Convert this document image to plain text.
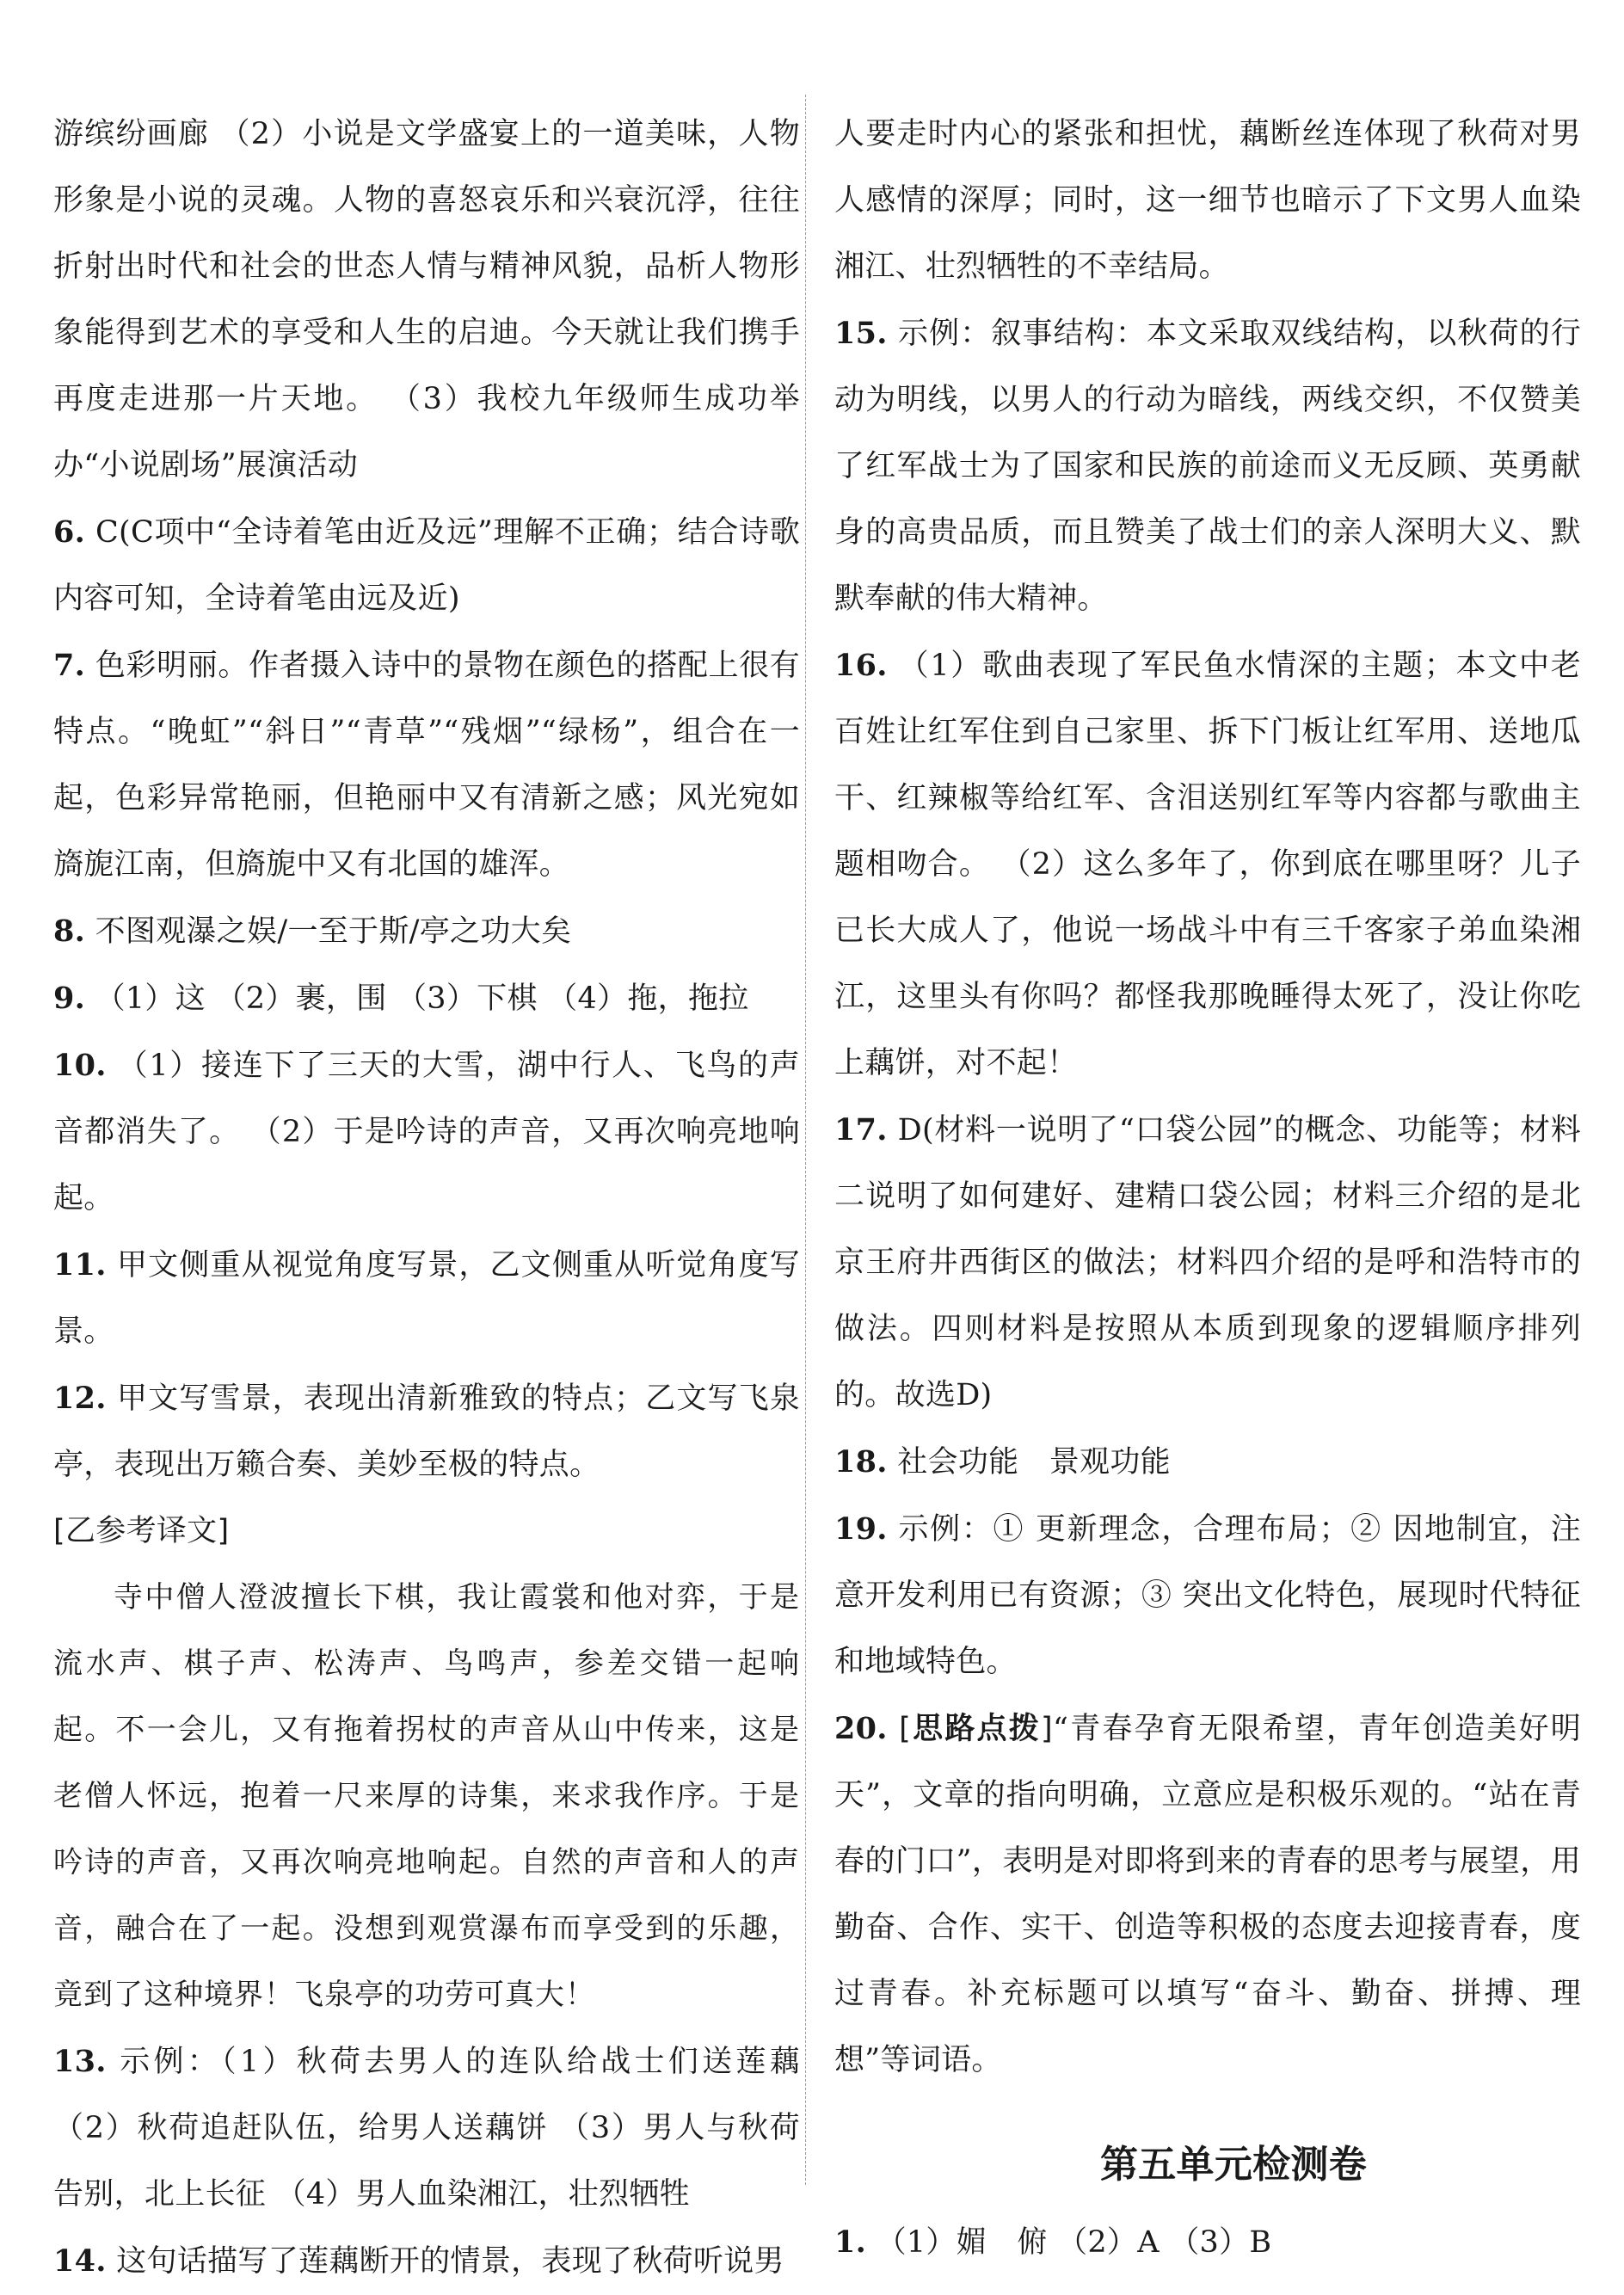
游缤纷画廊 （2）小说是文学盛宴上的一道美味，人物形象是小说的灵魂。人物的喜怒哀乐和兴衰沉浮，往往折射出时代和社会的世态人情与精神风貌，品析人物形象能得到艺术的享受和人生的启迪。今天就让我们携手再度走进那一片天地。 （3）我校九年级师生成功举办“小说剧场”展演活动

6. C(C项中“全诗着笔由近及远”理解不正确；结合诗歌内容可知，全诗着笔由远及近)

7. 色彩明丽。作者摄入诗中的景物在颜色的搭配上很有特点。“晚虹”“斜日”“青草”“残烟”“绿杨”，组合在一起，色彩异常艳丽，但艳丽中又有清新之感；风光宛如旖旎江南，但旖旎中又有北国的雄浑。

8. 不图观瀑之娱/一至于斯/亭之功大矣

9. （1）这 （2）裹，围 （3）下棋 （4）拖，拖拉

10. （1）接连下了三天的大雪，湖中行人、飞鸟的声音都消失了。 （2）于是吟诗的声音，又再次响亮地响起。

11. 甲文侧重从视觉角度写景，乙文侧重从听觉角度写景。

12. 甲文写雪景，表现出清新雅致的特点；乙文写飞泉亭，表现出万籁合奏、美妙至极的特点。

[乙参考译文]

寺中僧人澄波擅长下棋，我让霞裳和他对弈，于是流水声、棋子声、松涛声、鸟鸣声，参差交错一起响起。不一会儿，又有拖着拐杖的声音从山中传来，这是老僧人怀远，抱着一尺来厚的诗集，来求我作序。于是吟诗的声音，又再次响亮地响起。自然的声音和人的声音，融合在了一起。没想到观赏瀑布而享受到的乐趣，竟到了这种境界！飞泉亭的功劳可真大！

13. 示例：（1）秋荷去男人的连队给战士们送莲藕 （2）秋荷追赶队伍，给男人送藕饼 （3）男人与秋荷告别，北上长征 （4）男人血染湘江，壮烈牺牲

14. 这句话描写了莲藕断开的情景，表现了秋荷听说男

人要走时内心的紧张和担忧，藕断丝连体现了秋荷对男人感情的深厚；同时，这一细节也暗示了下文男人血染湘江、壮烈牺牲的不幸结局。

15. 示例：叙事结构：本文采取双线结构，以秋荷的行动为明线，以男人的行动为暗线，两线交织，不仅赞美了红军战士为了国家和民族的前途而义无反顾、英勇献身的高贵品质，而且赞美了战士们的亲人深明大义、默默奉献的伟大精神。

16. （1）歌曲表现了军民鱼水情深的主题；本文中老百姓让红军住到自己家里、拆下门板让红军用、送地瓜干、红辣椒等给红军、含泪送别红军等内容都与歌曲主题相吻合。 （2）这么多年了，你到底在哪里呀？儿子已长大成人了，他说一场战斗中有三千客家子弟血染湘江，这里头有你吗？都怪我那晚睡得太死了，没让你吃上藕饼，对不起！

17. D(材料一说明了“口袋公园”的概念、功能等；材料二说明了如何建好、建精口袋公园；材料三介绍的是北京王府井西街区的做法；材料四介绍的是呼和浩特市的做法。四则材料是按照从本质到现象的逻辑顺序排列的。故选D)

18. 社会功能　景观功能

19. 示例：① 更新理念，合理布局；② 因地制宜，注意开发利用已有资源；③ 突出文化特色，展现时代特征和地域特色。

20. [思路点拨]“青春孕育无限希望，青年创造美好明天”，文章的指向明确，立意应是积极乐观的。“站在青春的门口”，表明是对即将到来的青春的思考与展望，用勤奋、合作、实干、创造等积极的态度去迎接青春，度过青春。补充标题可以填写“奋斗、勤奋、拼搏、理想”等词语。

第五单元检测卷

1. （1）媚　俯 （2）A （3）B
